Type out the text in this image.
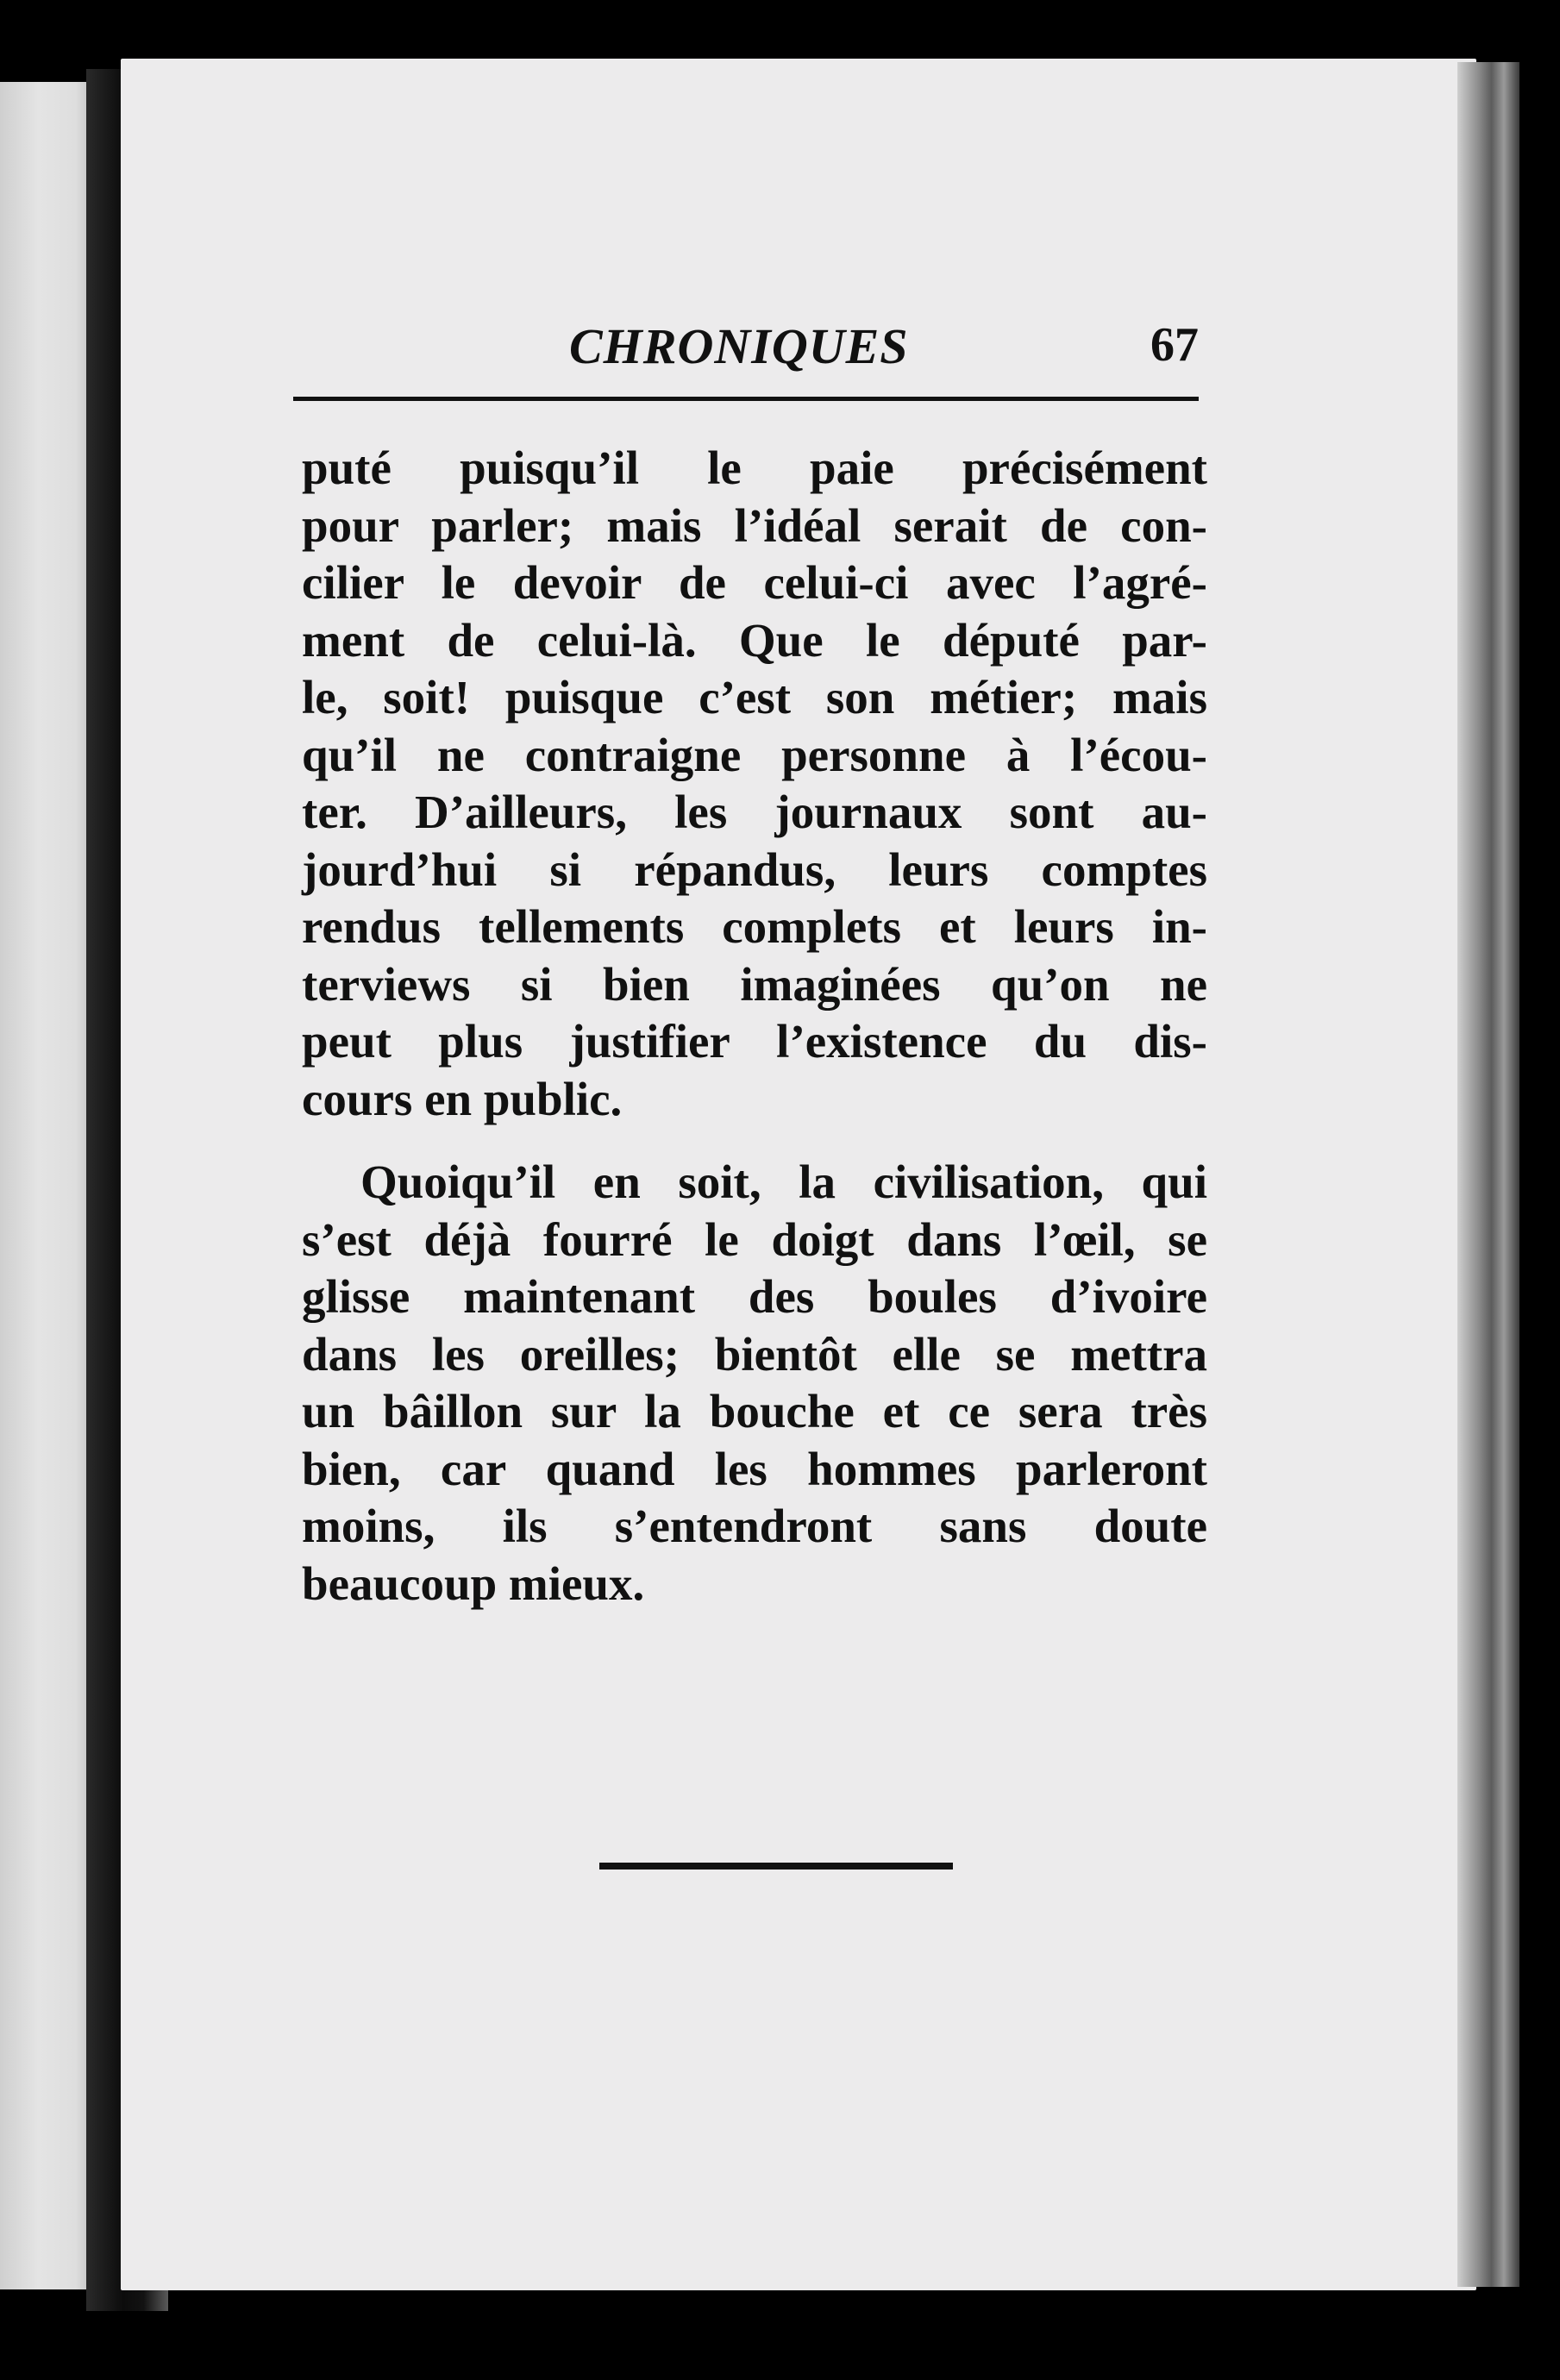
CHRONIQUES	67
puté puisqu’il le paie précisément
pour parler; mais l’idéal serait de con-
cilier le devoir de celui-ci avec l’agré-
ment de celui-là. Que le député par-
le, soit! puisque c’est son métier; mais
qu’il ne contraigne personne à l’écou-
ter. D’ailleurs, les journaux sont au-
jourd’hui si répandus, leurs comptes
rendus tellements complets et leurs in-
terviews si bien imaginées qu’on ne
peut plus justifier l’existence du dis-
cours en public.
Quoiqu’il en soit, la civilisation, qui
s’est déjà fourré le doigt dans l’œil, se
glisse maintenant des boules d’ivoire
dans les oreilles; bientôt elle se mettra
un bâillon sur la bouche et ce sera très
bien, car quand les hommes parleront
moins, ils s’entendront sans doute
beaucoup mieux.
